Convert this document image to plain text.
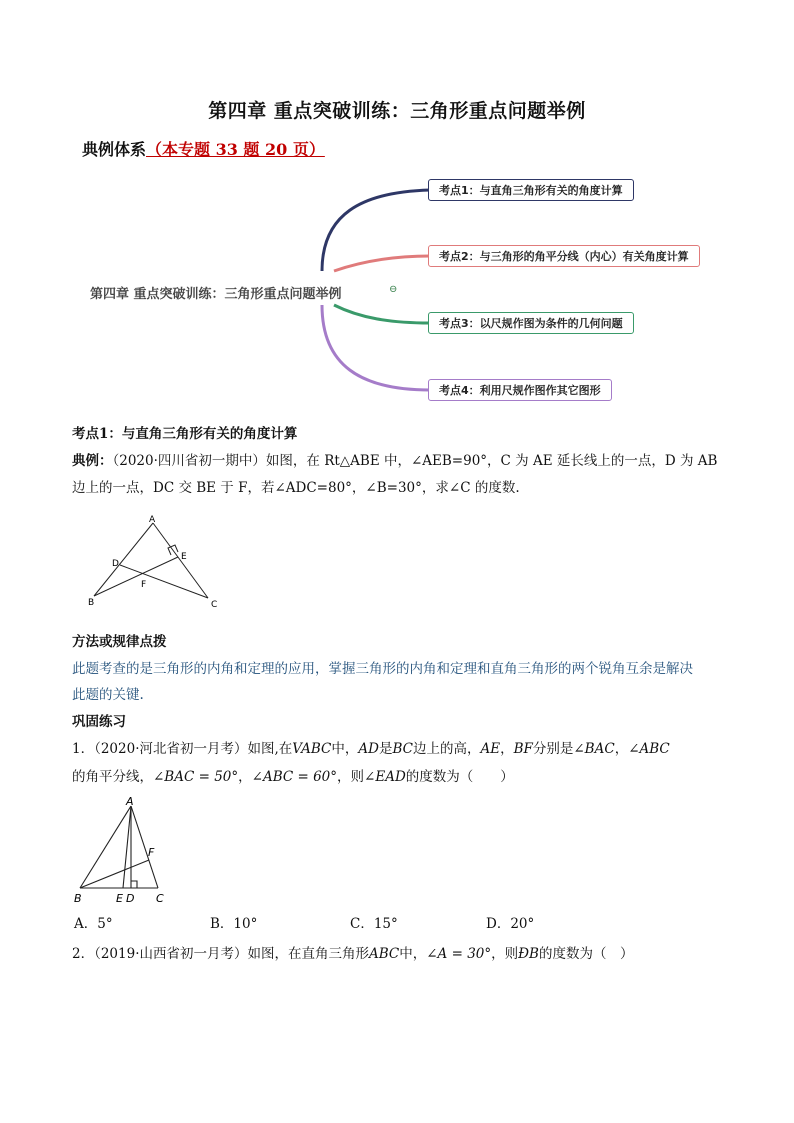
第四章 重点突破训练：三角形重点问题举例
典例体系（本专题 33 题 20 页）
第四章 重点突破训练：三角形重点问题举例	⊖
考点1：与直角三角形有关的角度计算
考点2：与三角形的角平分线（内心）有关角度计算
考点3：以尺规作图为条件的几何问题
考点4：利用尺规作图作其它图形
考点1：与直角三角形有关的角度计算
典例：（2020·四川省初一期中）如图，在 Rt△ABE 中，∠AEB=90°，C 为 AE 延长线上的一点，D 为 AB
边上的一点，DC 交 BE 于 F，若∠ADC=80°，∠B=30°，求∠C 的度数.
A
B	C
D
E
F
方法或规律点拨
此题考查的是三角形的内角和定理的应用，掌握三角形的内角和定理和直角三角形的两个锐角互余是解决
此题的关键.
巩固练习
1．（2020·河北省初一月考）如图,在VABC中，AD是BC边上的高，AE，BF分别是∠BAC，∠ABC
的角平分线，∠BAC = 50°，∠ABC = 60°，则∠EAD的度数为（　　）
A
B	C
E D
F
A．5°	B．10°	C．15°	D．20°
2．（2019·山西省初一月考）如图，在直角三角形ABC中，∠A = 30°，则ÐB的度数为（　）
